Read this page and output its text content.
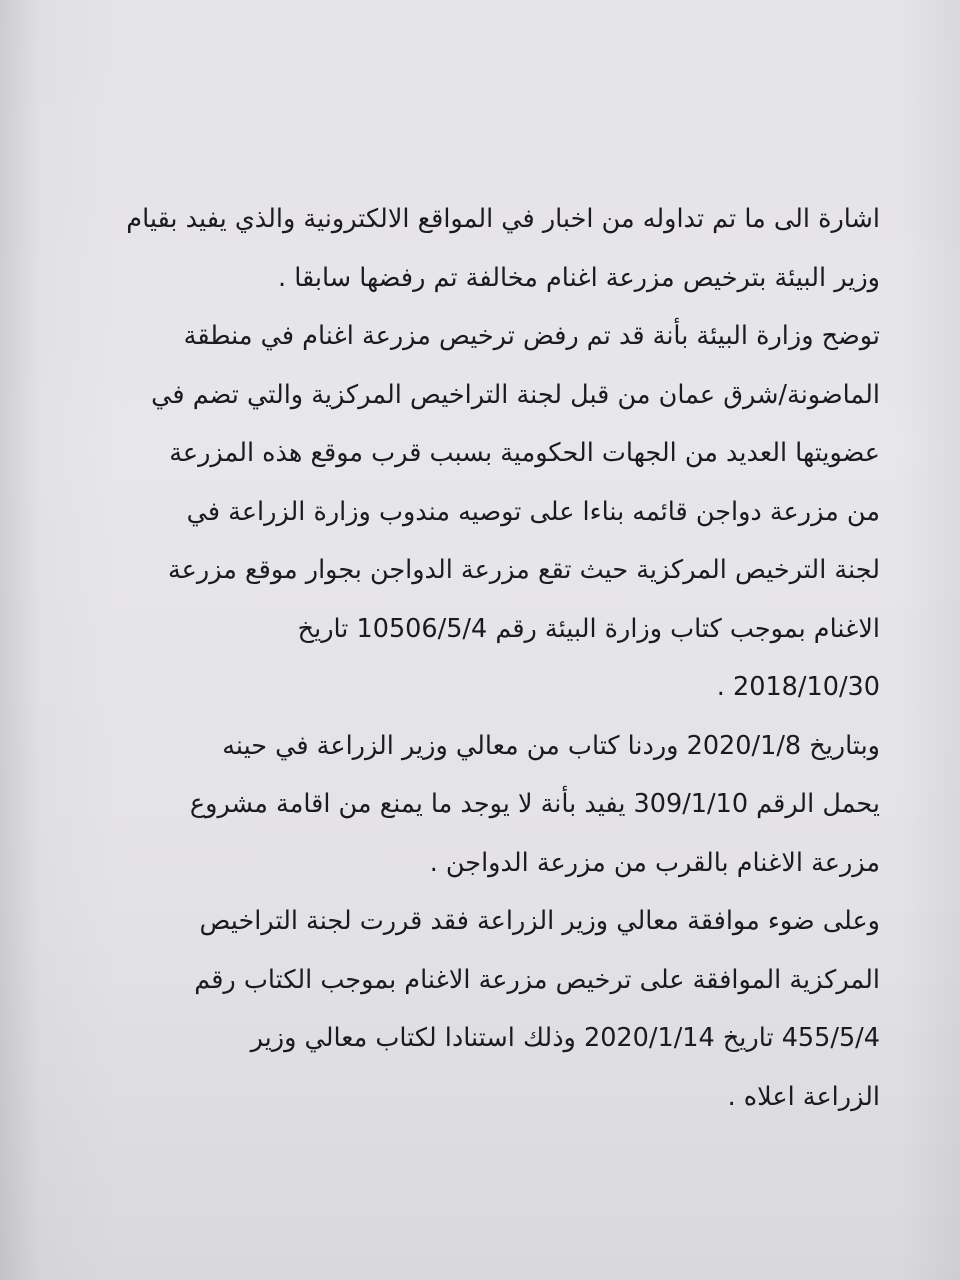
اشارة الى ما تم تداوله من اخبار في المواقع الالكترونية والذي يفيد بقيام
وزير البيئة بترخيص مزرعة اغنام مخالفة تم رفضها سابقا .
توضح وزارة البيئة بأنة قد تم رفض ترخيص مزرعة اغنام في منطقة
الماضونة/شرق عمان من قبل لجنة التراخيص المركزية والتي تضم في
عضويتها العديد من الجهات الحكومية بسبب قرب موقع هذه المزرعة
من مزرعة دواجن قائمه بناءا على توصيه مندوب وزارة الزراعة في
لجنة الترخيص المركزية حيث تقع مزرعة الدواجن بجوار موقع مزرعة
الاغنام بموجب كتاب وزارة البيئة رقم 10506/5/4 تاريخ
2018/10/30 .
وبتاريخ 2020/1/8 وردنا كتاب من معالي وزير الزراعة في حينه
يحمل الرقم 309/1/10 يفيد بأنة لا يوجد ما يمنع من اقامة مشروع
مزرعة الاغنام بالقرب من مزرعة الدواجن .
وعلى ضوء موافقة معالي وزير الزراعة فقد قررت لجنة التراخيص
المركزية الموافقة على ترخيص مزرعة الاغنام بموجب الكتاب رقم
455/5/4 تاريخ 2020/1/14 وذلك استنادا لكتاب معالي وزير
الزراعة اعلاه .
